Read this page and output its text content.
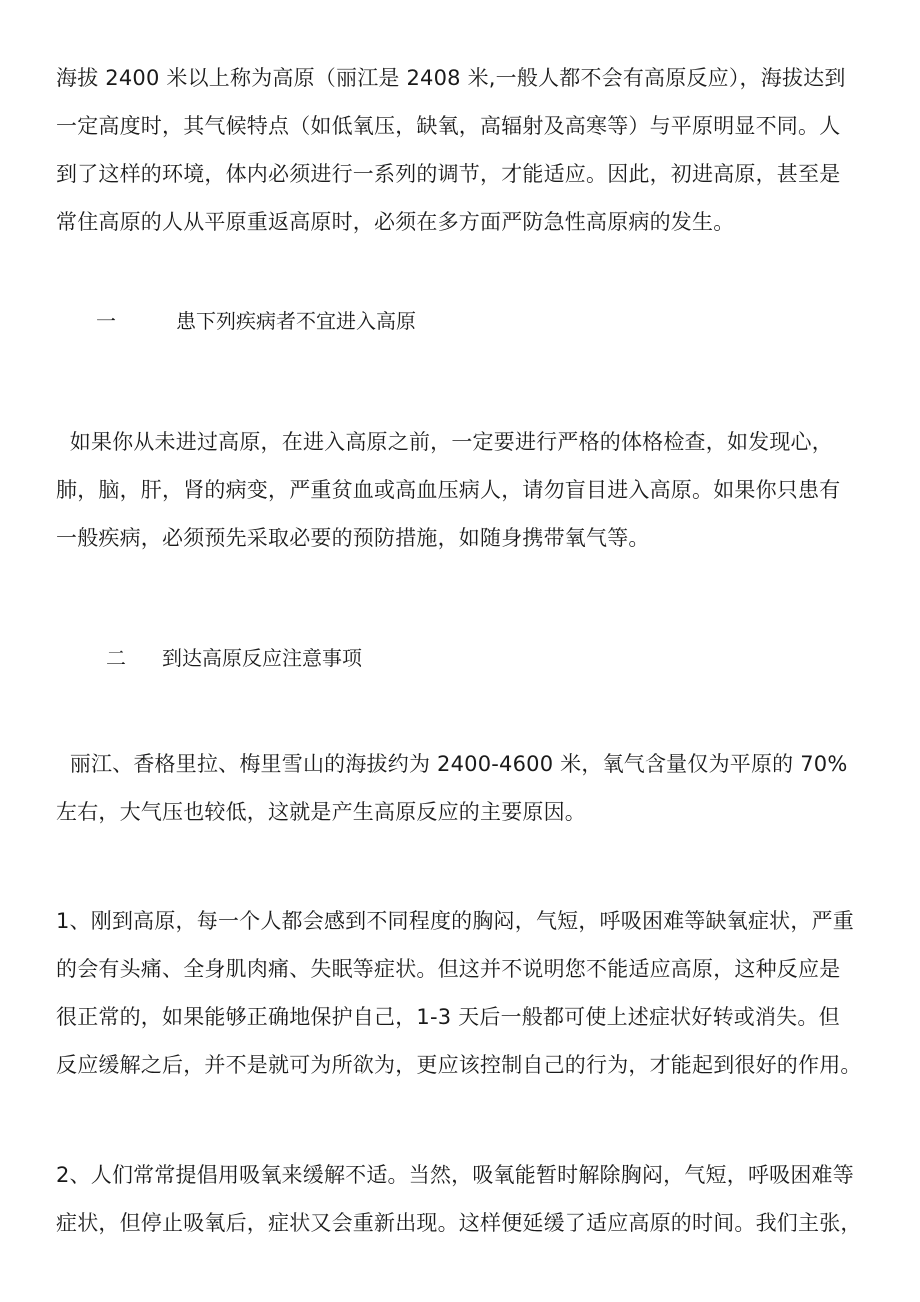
海拔 2400 米以上称为高原（丽江是 2408 米,一般人都不会有高原反应），海拔达到
一定高度时，其气候特点（如低氧压，缺氧，高辐射及高寒等）与平原明显不同。人
到了这样的环境，体内必须进行一系列的调节，才能适应。因此，初进高原，甚至是
常住高原的人从平原重返高原时，必须在多方面严防急性高原病的发生。
一	患下列疾病者不宜进入高原
如果你从未进过高原，在进入高原之前，一定要进行严格的体格检查，如发现心，
肺，脑，肝，肾的病变，严重贫血或高血压病人，请勿盲目进入高原。如果你只患有
一般疾病，必须预先采取必要的预防措施，如随身携带氧气等。
二 到达高原反应注意事项
丽江、香格里拉、梅里雪山的海拔约为 2400-4600 米，氧气含量仅为平原的 70%
左右，大气压也较低，这就是产生高原反应的主要原因。
1、刚到高原，每一个人都会感到不同程度的胸闷，气短，呼吸困难等缺氧症状，严重
的会有头痛、全身肌肉痛、失眠等症状。但这并不说明您不能适应高原，这种反应是
很正常的，如果能够正确地保护自己，1-3 天后一般都可使上述症状好转或消失。但
反应缓解之后，并不是就可为所欲为，更应该控制自己的行为，才能起到很好的作用。
2、人们常常提倡用吸氧来缓解不适。当然，吸氧能暂时解除胸闷，气短，呼吸困难等
症状，但停止吸氧后，症状又会重新出现。这样便延缓了适应高原的时间。我们主张，
